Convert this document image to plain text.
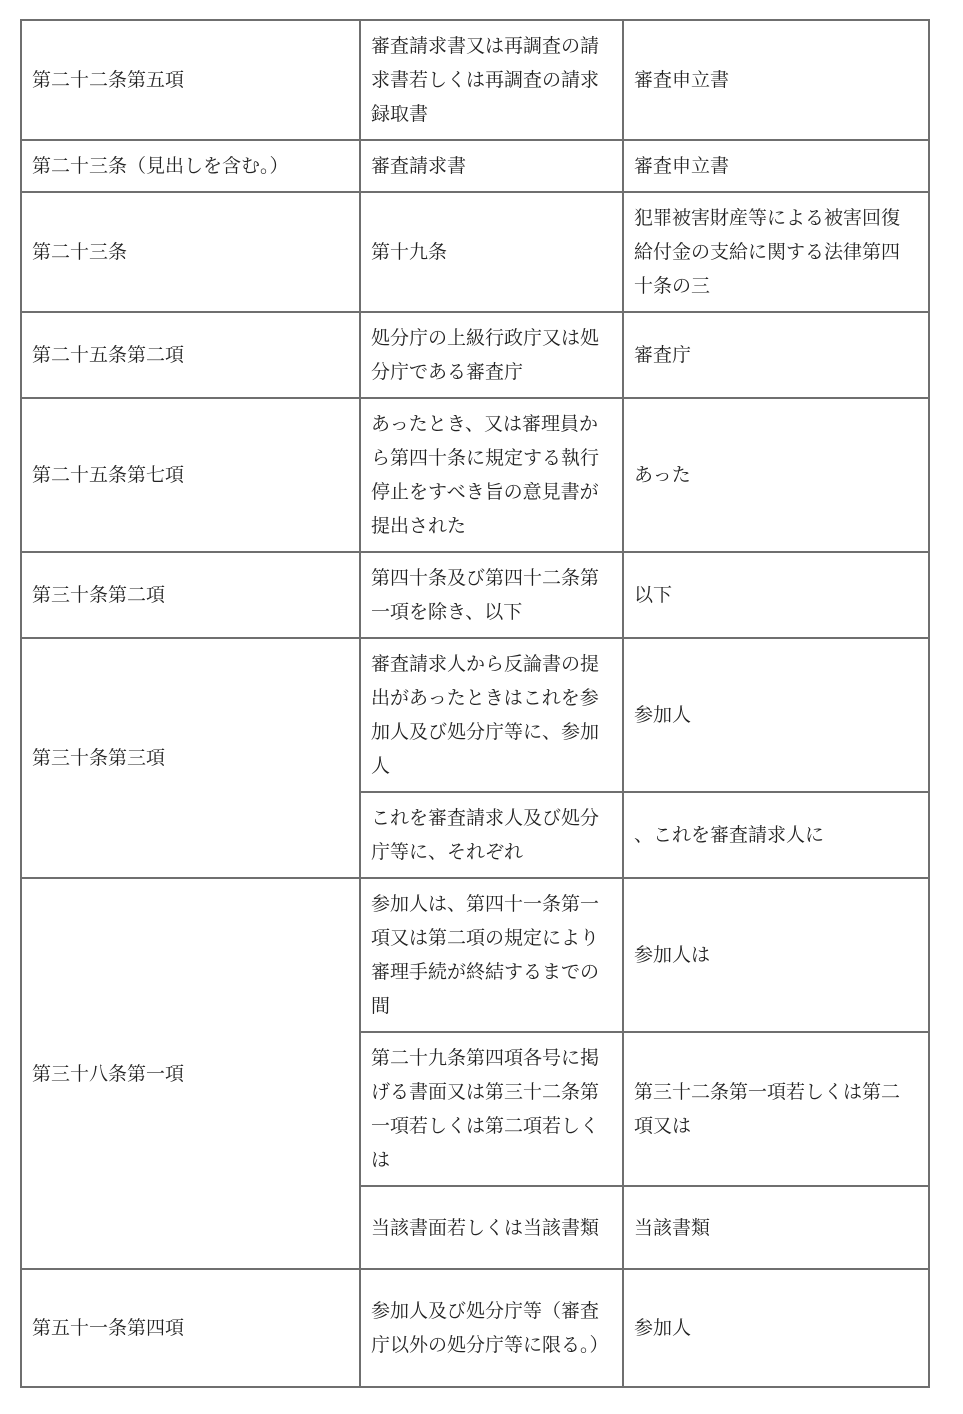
第二十二条第五項	審査請求書又は再調査の請求書若しくは再調査の請求録取書	審査申立書
第二十三条（見出しを含む。）	審査請求書	審査申立書
第二十三条	第十九条	犯罪被害財産等による被害回復給付金の支給に関する法律第四十条の三
第二十五条第二項	処分庁の上級行政庁又は処分庁である審査庁	審査庁
第二十五条第七項	あったとき、又は審理員から第四十条に規定する執行停止をすべき旨の意見書が提出された	あった
第三十条第二項	第四十条及び第四十二条第一項を除き、以下	以下
第三十条第三項	審査請求人から反論書の提出があったときはこれを参加人及び処分庁等に、参加人	参加人
	これを審査請求人及び処分庁等に、それぞれ	、これを審査請求人に
第三十八条第一項	参加人は、第四十一条第一項又は第二項の規定により審理手続が終結するまでの間	参加人は
	第二十九条第四項各号に掲げる書面又は第三十二条第一項若しくは第二項若しくは	第三十二条第一項若しくは第二項又は
	当該書面若しくは当該書類	当該書類
第五十一条第四項	参加人及び処分庁等（審査庁以外の処分庁等に限る。）	参加人
